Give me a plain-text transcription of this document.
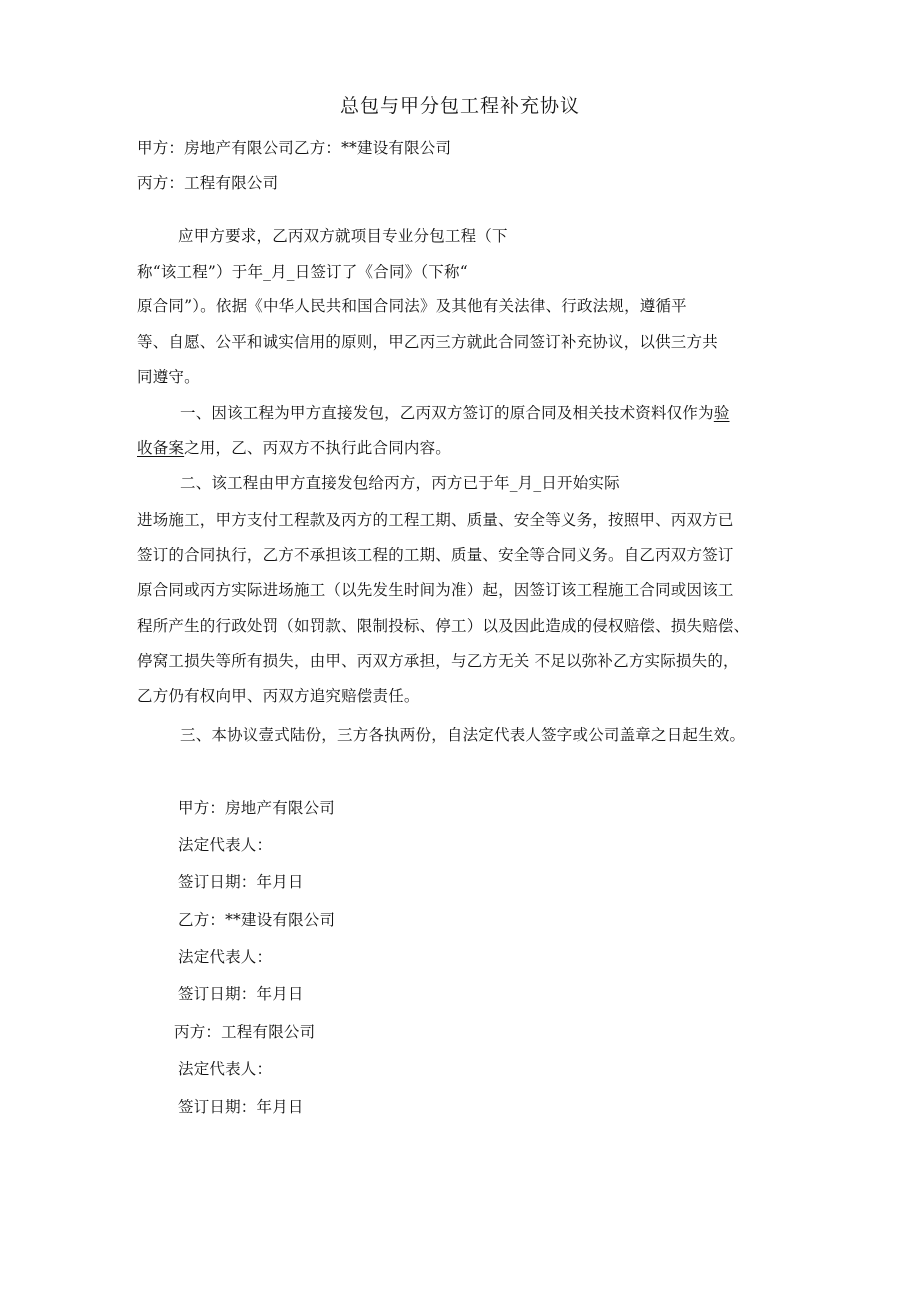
总包与甲分包工程补充协议
甲方：房地产有限公司乙方：**建设有限公司
丙方：工程有限公司
应甲方要求，乙丙双方就项目专业分包工程（下
称“该工程”）于年_月_日签订了《合同》（下称“
原合同”）。依据《中华人民共和国合同法》及其他有关法律、行政法规，遵循平
等、自愿、公平和诚实信用的原则，甲乙丙三方就此合同签订补充协议，以供三方共
同遵守。
一、因该工程为甲方直接发包，乙丙双方签订的原合同及相关技术资料仅作为验
收备案之用，乙、丙双方不执行此合同内容。
二、该工程由甲方直接发包给丙方，丙方已于年_月_日开始实际
进场施工，甲方支付工程款及丙方的工程工期、质量、安全等义务，按照甲、丙双方已
签订的合同执行，乙方不承担该工程的工期、质量、安全等合同义务。自乙丙双方签订
原合同或丙方实际进场施工（以先发生时间为准）起，因签订该工程施工合同或因该工
程所产生的行政处罚（如罚款、限制投标、停工）以及因此造成的侵权赔偿、损失赔偿、
停窝工损失等所有损失，由甲、丙双方承担，与乙方无关 不足以弥补乙方实际损失的，
乙方仍有权向甲、丙双方追究赔偿责任。
三、本协议壹式陆份，三方各执两份，自法定代表人签字或公司盖章之日起生效。
甲方：房地产有限公司
法定代表人：
签订日期：年月日
乙方：**建设有限公司
法定代表人：
签订日期：年月日
丙方：工程有限公司
法定代表人：
签订日期：年月日
